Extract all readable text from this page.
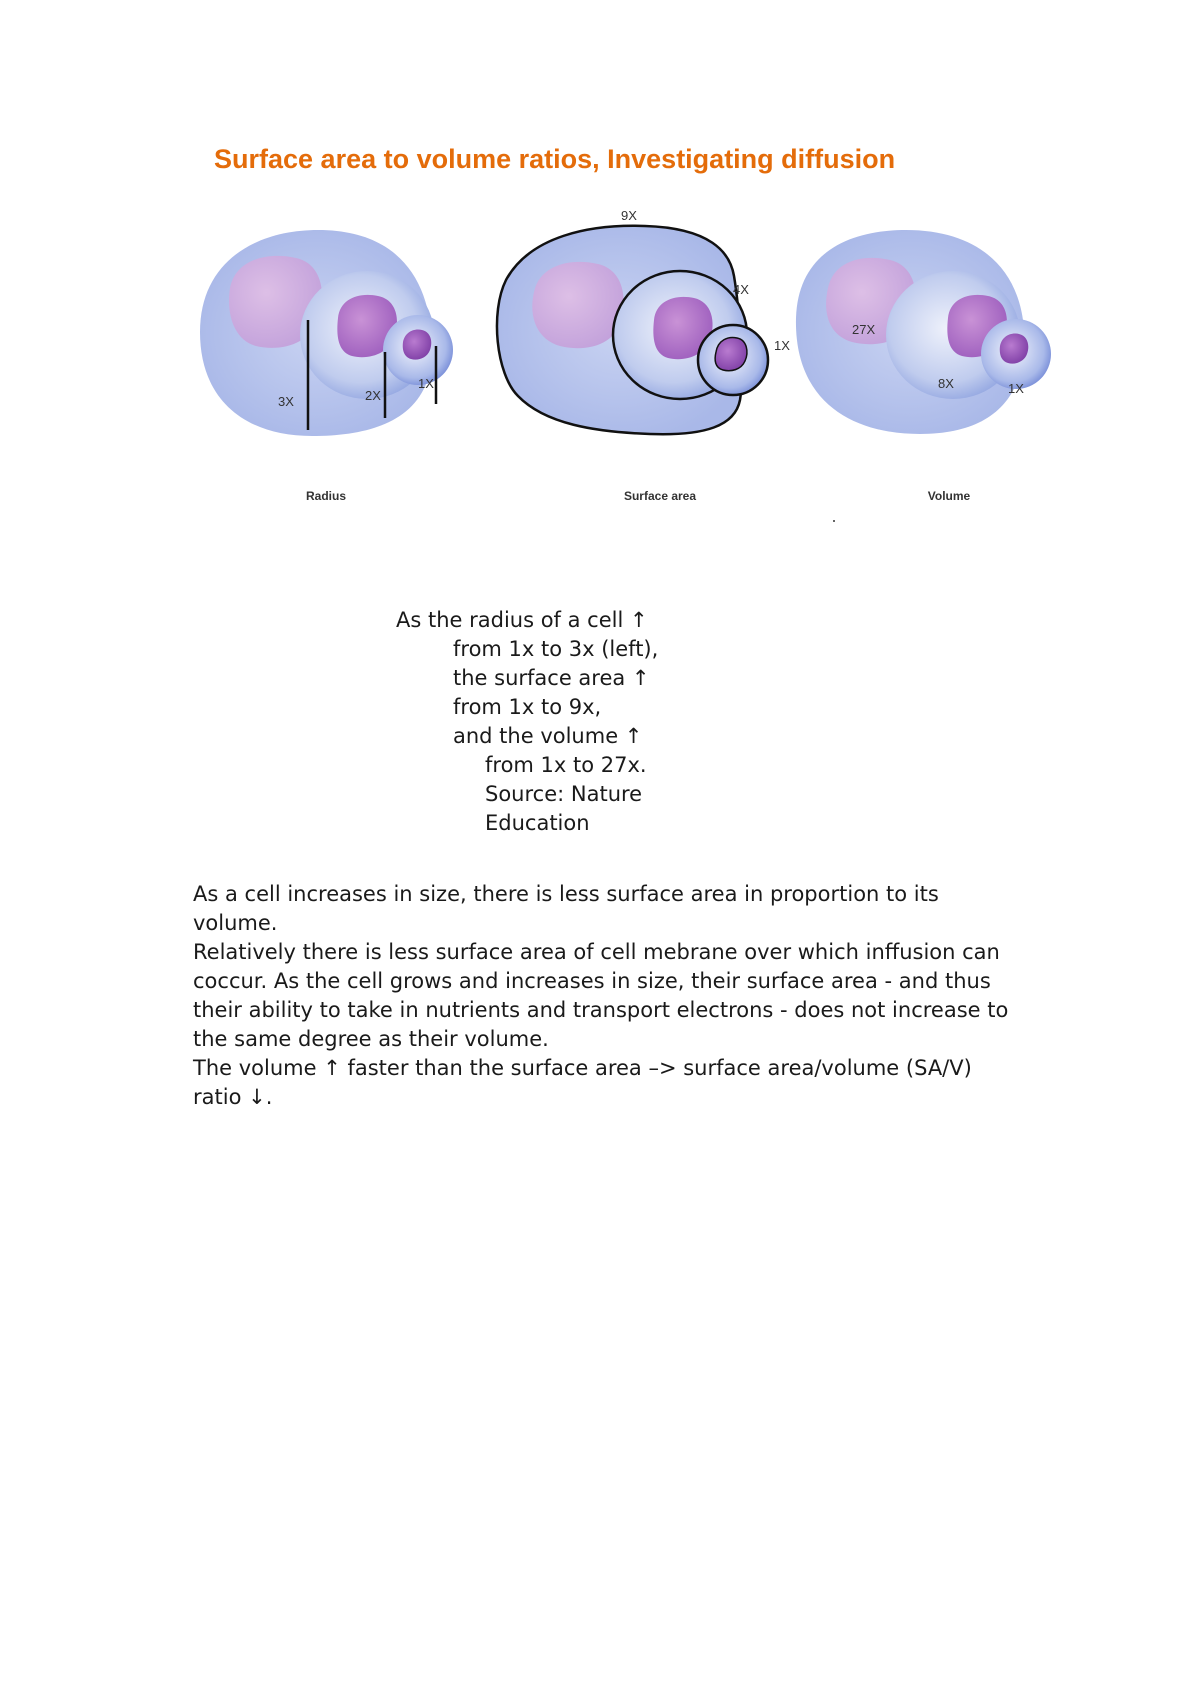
Surface area to volume ratios, Investigating diffusion
3X	2X
1X
Radius
9X
4X
1X
Surface area
27X
8X	1X
Volume
As the radius of a cell ↑
from 1x to 3x (left),
the surface area ↑
from 1x to 9x,
and the volume ↑
from 1x to 27x.
Source: Nature
Education

As a cell increases in size, there is less surface area in proportion to its volume.

Relatively there is less surface area of cell mebrane over which inffusion can coccur. As the cell grows and increases in size, their surface area - and thus their ability to take in nutrients and transport electrons - does not increase to the same degree as their volume.

The volume ↑ faster than the surface area –> surface area/volume (SA/V) ratio ↓.
